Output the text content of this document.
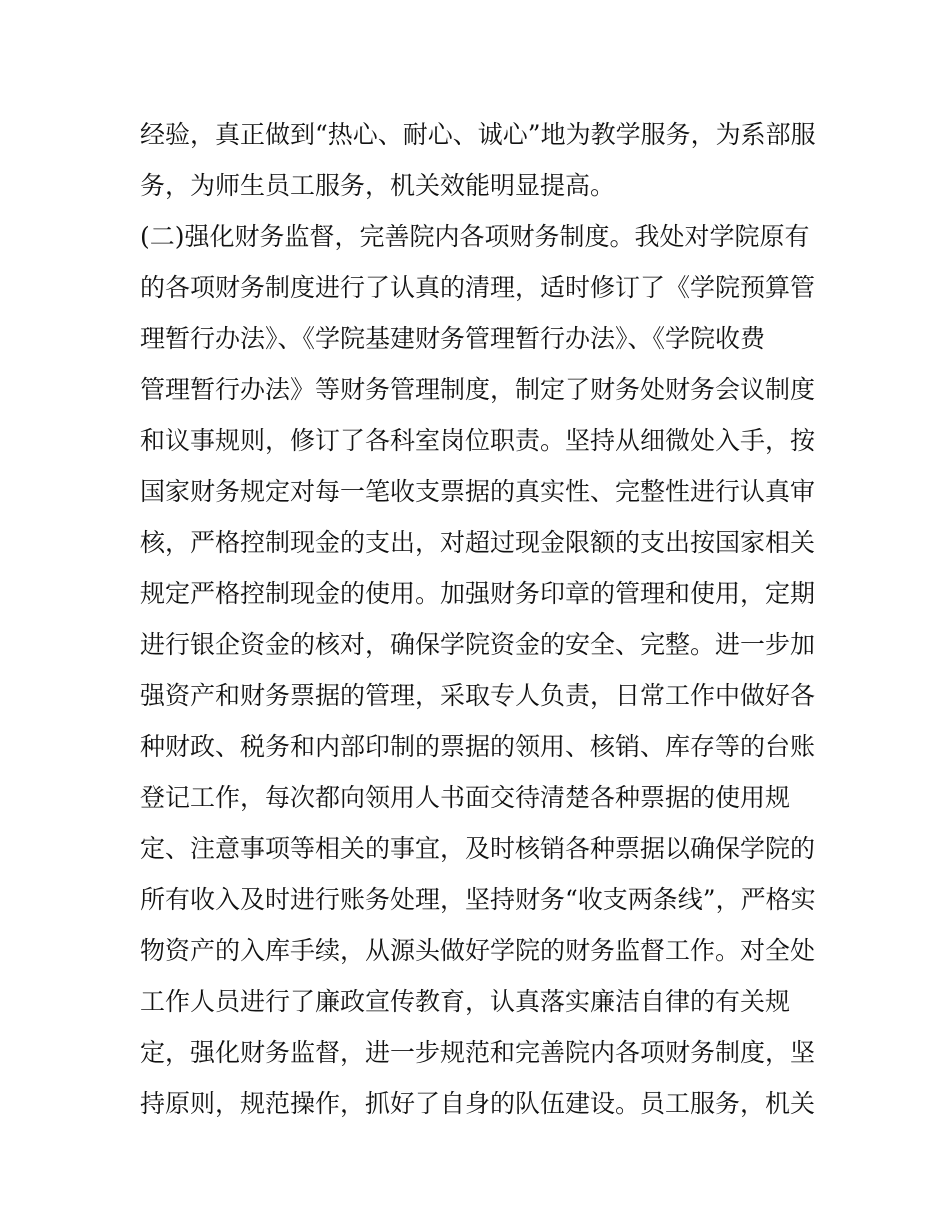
经验，真正做到“热心、耐心、诚心”地为教学服务，为系部服
务，为师生员工服务，机关效能明显提高。
(二)强化财务监督，完善院内各项财务制度。我处对学院原有
的各项财务制度进行了认真的清理，适时修订了《学院预算管
理暂行办法》、《学院基建财务管理暂行办法》、《学院收费
管理暂行办法》等财务管理制度，制定了财务处财务会议制度
和议事规则，修订了各科室岗位职责。坚持从细微处入手，按
国家财务规定对每一笔收支票据的真实性、完整性进行认真审
核，严格控制现金的支出，对超过现金限额的支出按国家相关
规定严格控制现金的使用。加强财务印章的管理和使用，定期
进行银企资金的核对，确保学院资金的安全、完整。进一步加
强资产和财务票据的管理，采取专人负责，日常工作中做好各
种财政、税务和内部印制的票据的领用、核销、库存等的台账
登记工作，每次都向领用人书面交待清楚各种票据的使用规
定、注意事项等相关的事宜，及时核销各种票据以确保学院的
所有收入及时进行账务处理，坚持财务“收支两条线”，严格实
物资产的入库手续，从源头做好学院的财务监督工作。对全处
工作人员进行了廉政宣传教育，认真落实廉洁自律的有关规
定，强化财务监督，进一步规范和完善院内各项财务制度，坚
持原则，规范操作，抓好了自身的队伍建设。员工服务，机关
